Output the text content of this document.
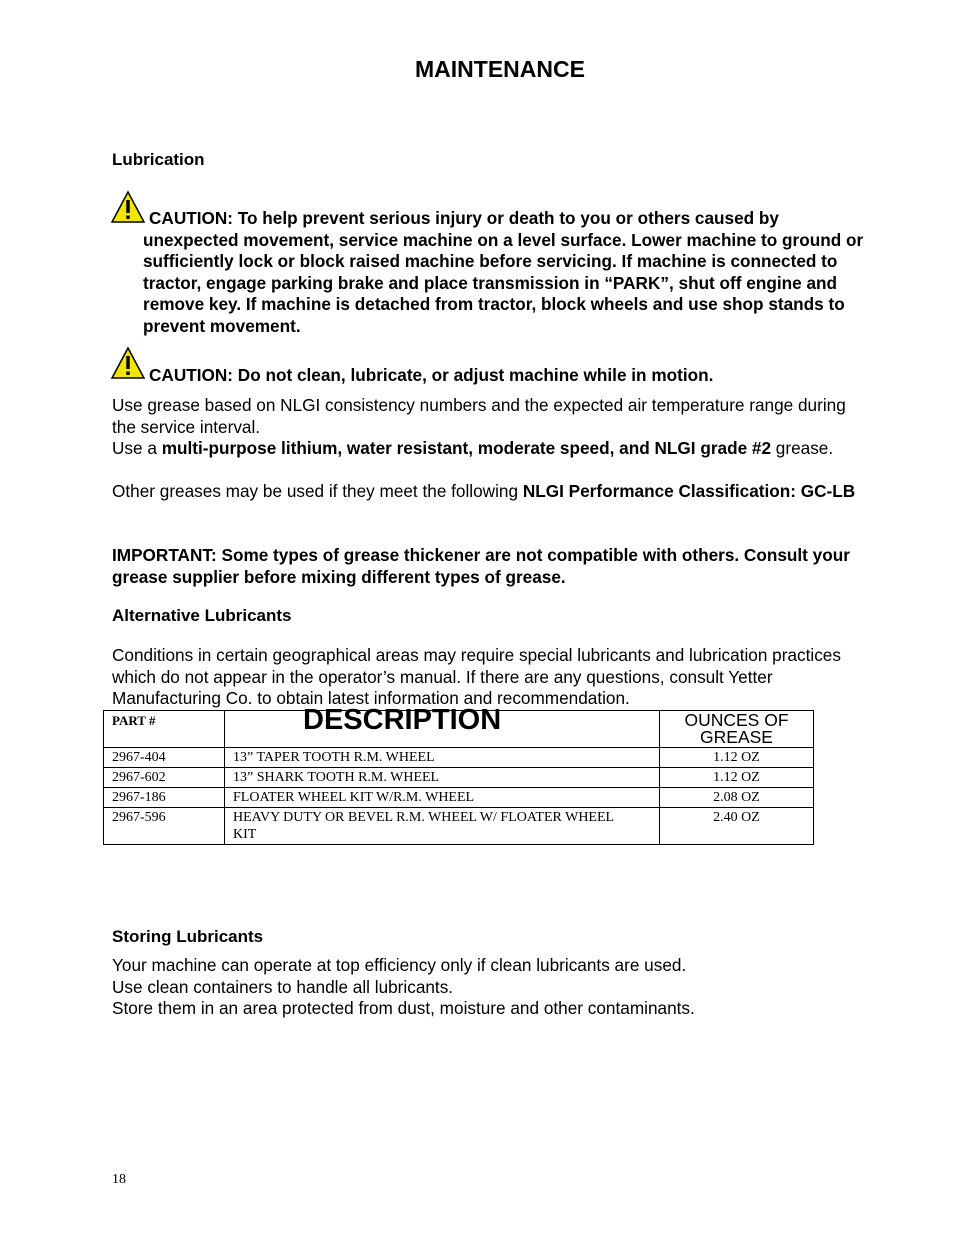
MAINTENANCE
Lubrication
CAUTION: To help prevent serious injury or death to you or others caused by unexpected movement, service machine on a level surface. Lower machine to ground or sufficiently lock or block raised machine before servicing. If machine is connected to tractor, engage parking brake and place transmission in “PARK”, shut off engine and remove key. If machine is detached from tractor, block wheels and use shop stands to prevent movement.
CAUTION: Do not clean, lubricate, or adjust machine while in motion.
Use grease based on NLGI consistency numbers and the expected air temperature range during the service interval.
Use a multi-purpose lithium, water resistant, moderate speed, and NLGI grade #2 grease.
Other greases may be used if they meet the following NLGI Performance Classification: GC-LB
IMPORTANT: Some types of grease thickener are not compatible with others. Consult your grease supplier before mixing different types of grease.
Alternative Lubricants
Conditions in certain geographical areas may require special lubricants and lubrication practices which do not appear in the operator’s manual. If there are any questions, consult Yetter Manufacturing Co. to obtain latest information and recommendation.
PART #	DESCRIPTION	OUNCES OF GREASE
2967-404	13” TAPER TOOTH R.M. WHEEL	1.12 OZ
2967-602	13” SHARK TOOTH R.M. WHEEL	1.12 OZ
2967-186	FLOATER WHEEL KIT W/R.M. WHEEL	2.08 OZ
2967-596	HEAVY DUTY OR BEVEL R.M. WHEEL W/ FLOATER WHEEL KIT	2.40 OZ
Storing Lubricants
Your machine can operate at top efficiency only if clean lubricants are used.
Use clean containers to handle all lubricants.
Store them in an area protected from dust, moisture and other contaminants.
18
